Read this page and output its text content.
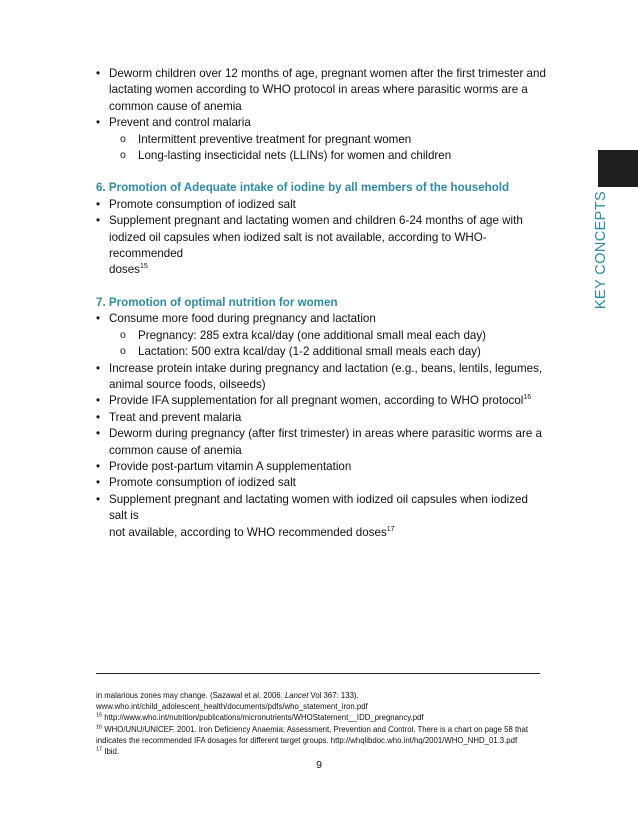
KEY CONCEPTS

• Deworm children over 12 months of age, pregnant women after the first trimester and
lactating women according to WHO protocol in areas where parasitic worms are a
common cause of anemia

• Prevent and control malaria

o Intermittent preventive treatment for pregnant women

o Long-lasting insecticidal nets (LLINs) for women and children

6. Promotion of Adequate intake of iodine by all members of the household

• Promote consumption of iodized salt

• Supplement pregnant and lactating women and children 6-24 months of age with
iodized oil capsules when iodized salt is not available, according to WHO-recommended
doses$^{15}$

7. Promotion of optimal nutrition for women

• Consume more food during pregnancy and lactation

o Pregnancy: 285 extra kcal/day (one additional small meal each day)

o Lactation: 500 extra kcal/day (1-2 additional small meals each day)

• Increase protein intake during pregnancy and lactation (e.g., beans, lentils, legumes,
animal source foods, oilseeds)

• Provide IFA supplementation for all pregnant women, according to WHO protocol$^{16}$

• Treat and prevent malaria

• Deworm during pregnancy (after first trimester) in areas where parasitic worms are a
common cause of anemia

• Provide post-partum vitamin A supplementation

• Promote consumption of iodized salt

• Supplement pregnant and lactating women with iodized oil capsules when iodized salt is
not available, according to WHO recommended doses$^{17}$

in malarious zones may change. (Sazawal et al. 2006. Lancet Vol 367: 133).

www.who.int/child_adolescent_health/documents/pdfs/who_statement_iron.pdf

$^{15}$ http://www.who.int/nutrition/publications/micronutrients/WHOStatement__IDD_pregnancy.pdf

$^{16}$ WHO/UNU/UNICEF. 2001. Iron Deficiency Anaemia: Assessment, Prevention and Control. There is a chart on page 58 that

indicates the recommended IFA dosages for different target groups. http://whqlibdoc.who.int/hq/2001/WHO_NHD_01.3.pdf

$^{17}$ Ibid.

9
